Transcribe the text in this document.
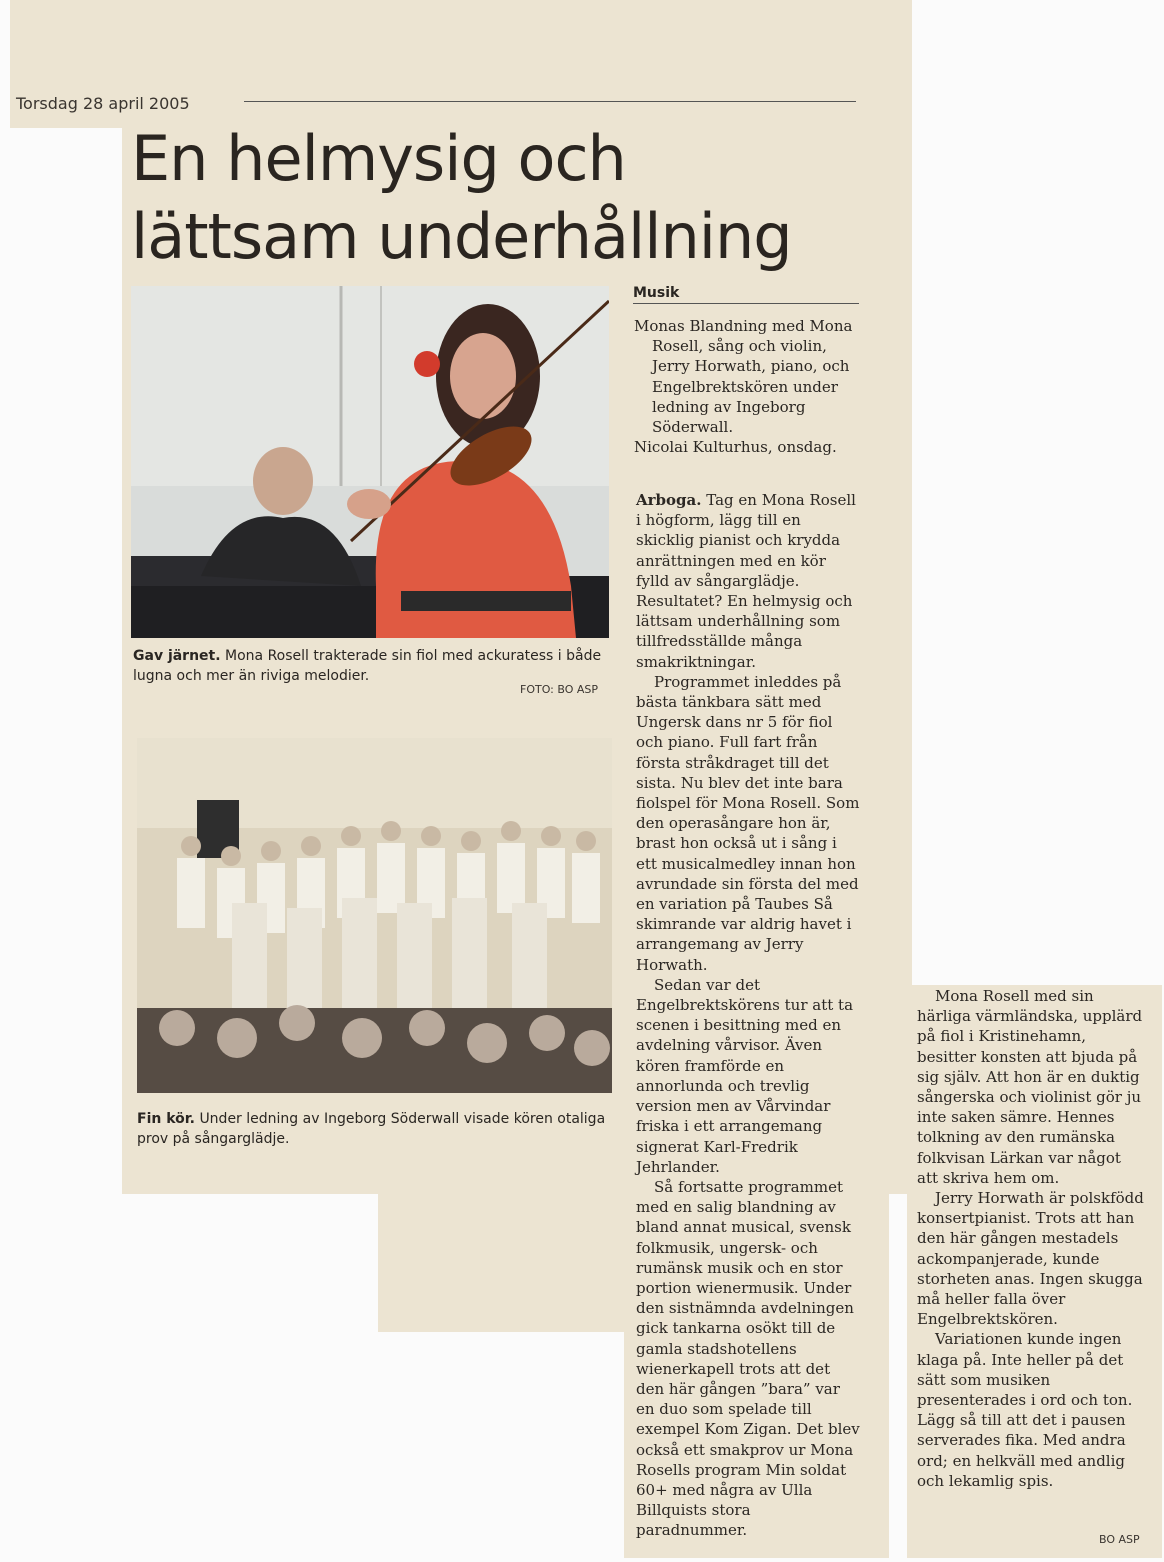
Torsdag 28 april 2005
En helmysig och
lättsam underhållning

Gav järnet. Mona Rosell trakterade sin fiol med ackuratess i både lugna och mer än riviga melodier.

FOTO: BO ASP

Fin kör. Under ledning av Ingeborg Söderwall visade kören otaliga prov på sångarglädje.

Musik

Monas Blandning med Mona Rosell, sång och violin, Jerry Horwath, piano, och Engelbrektskören under ledning av Ingeborg Söderwall.

Nicolai Kulturhus, onsdag.

Arboga. Tag en Mona Rosell i högform, lägg till en skicklig pianist och krydda anrättningen med en kör fylld av sångarglädje. Resultatet? En helmysig och lättsam underhållning som tillfredsställde många smakriktningar.

Programmet inleddes på bästa tänkbara sätt med Ungersk dans nr 5 för fiol och piano. Full fart från första stråkdraget till det sista. Nu blev det inte bara fiolspel för Mona Rosell. Som den operasångare hon är, brast hon också ut i sång i ett musicalmedley innan hon avrundade sin första del med en variation på Taubes Så skimrande var aldrig havet i arrangemang av Jerry Horwath.

Sedan var det Engelbrektskörens tur att ta scenen i besittning med en avdelning vårvisor. Även kören framförde en annorlunda och trevlig version men av Vårvindar friska i ett arrangemang signerat Karl-Fredrik Jehrlander.

Så fortsatte programmet med en salig blandning av bland annat musical, svensk folkmusik, ungersk- och rumänsk musik och en stor portion wienermusik. Under den sistnämnda avdelningen gick tankarna osökt till de gamla stadshotellens wienerkapell trots att det den här gången ”bara” var en duo som spelade till exempel Kom Zigan. Det blev också ett smakprov ur Mona Rosells program Min soldat 60+ med några av Ulla Billquists stora paradnummer.

Mona Rosell med sin härliga värmländska, upplärd på fiol i Kristinehamn, besitter konsten att bjuda på sig själv. Att hon är en duktig sångerska och violinist gör ju inte saken sämre. Hennes tolkning av den rumänska folkvisan Lärkan var något att skriva hem om.

Jerry Horwath är polskfödd konsertpianist. Trots att han den här gången mestadels ackompanjerade, kunde storheten anas. Ingen skugga må heller falla över Engelbrektskören.

Variationen kunde ingen klaga på. Inte heller på det sätt som musiken presenterades i ord och ton. Lägg så till att det i pausen serverades fika. Med andra ord; en helkväll med andlig och lekamlig spis.

BO ASP
